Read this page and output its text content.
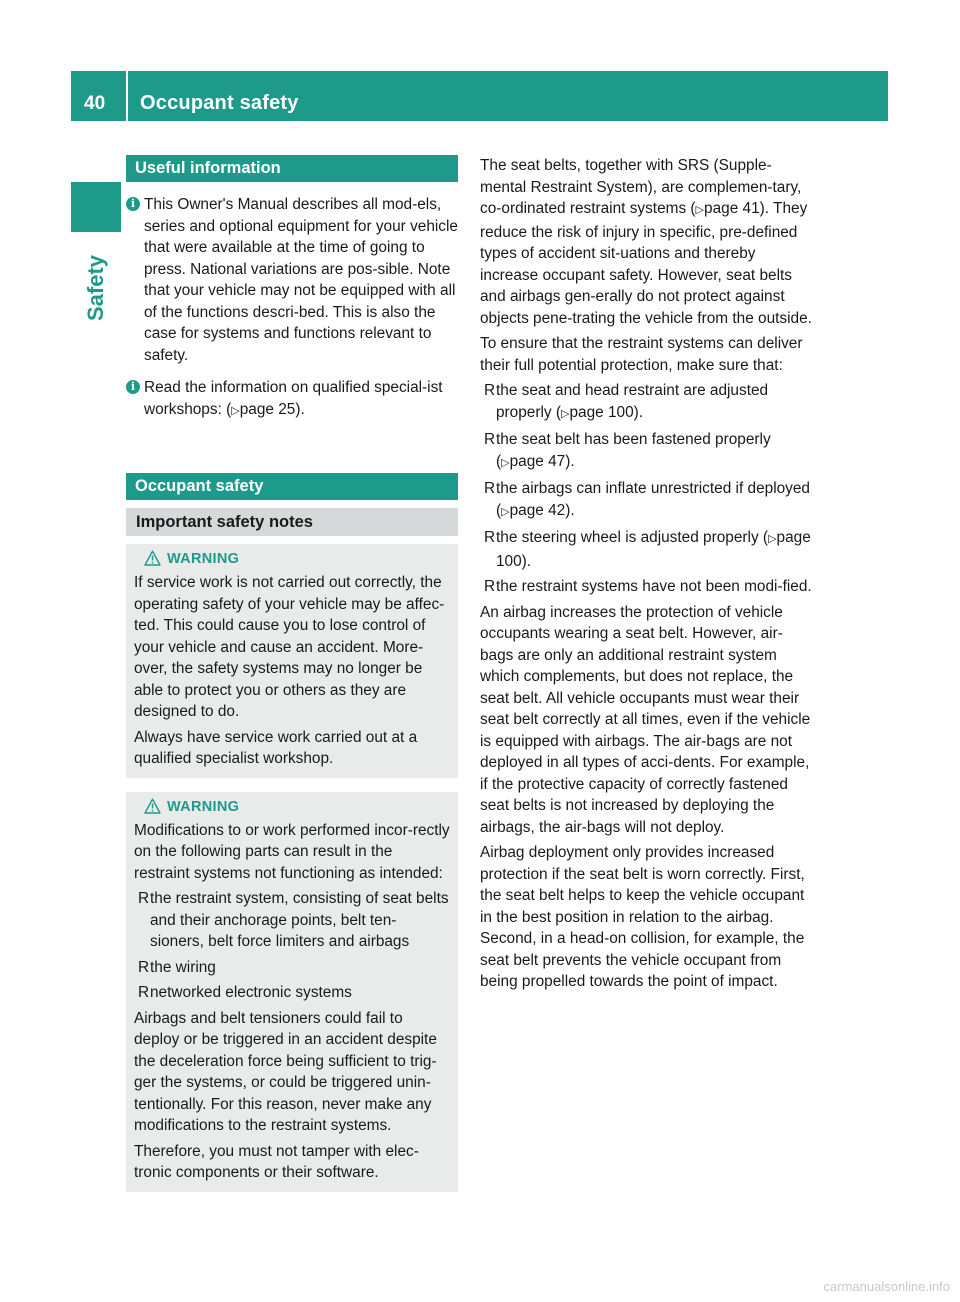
40 Occupant safety
Safety
Useful information
i This Owner's Manual describes all mod-els, series and optional equipment for your vehicle that were available at the time of going to press. National variations are pos-sible. Note that your vehicle may not be equipped with all of the functions descri-bed. This is also the case for systems and functions relevant to safety.
i Read the information on qualified special-ist workshops: (▷page 25).
Occupant safety
Important safety notes
WARNING
If service work is not carried out correctly, the operating safety of your vehicle may be affec-ted. This could cause you to lose control of your vehicle and cause an accident. More-over, the safety systems may no longer be able to protect you or others as they are designed to do.
Always have service work carried out at a qualified specialist workshop.
WARNING
Modifications to or work performed incor-rectly on the following parts can result in the restraint systems not functioning as intended:
R the restraint system, consisting of seat belts and their anchorage points, belt ten-sioners, belt force limiters and airbags
R the wiring
R networked electronic systems
Airbags and belt tensioners could fail to deploy or be triggered in an accident despite the deceleration force being sufficient to trig-ger the systems, or could be triggered unin-tentionally. For this reason, never make any modifications to the restraint systems.
Therefore, you must not tamper with elec-tronic components or their software.
The seat belts, together with SRS (Supple-mental Restraint System), are complemen-tary, co-ordinated restraint systems (▷page 41). They reduce the risk of injury in specific, pre-defined types of accident sit-uations and thereby increase occupant safety. However, seat belts and airbags gen-erally do not protect against objects pene-trating the vehicle from the outside.
To ensure that the restraint systems can deliver their full potential protection, make sure that:
R the seat and head restraint are adjusted properly (▷page 100).
R the seat belt has been fastened properly (▷page 47).
R the airbags can inflate unrestricted if deployed (▷page 42).
R the steering wheel is adjusted properly (▷page 100).
R the restraint systems have not been modi-fied.
An airbag increases the protection of vehicle occupants wearing a seat belt. However, air-bags are only an additional restraint system which complements, but does not replace, the seat belt. All vehicle occupants must wear their seat belt correctly at all times, even if the vehicle is equipped with airbags. The air-bags are not deployed in all types of acci-dents. For example, if the protective capacity of correctly fastened seat belts is not increased by deploying the airbags, the air-bags will not deploy.
Airbag deployment only provides increased protection if the seat belt is worn correctly. First, the seat belt helps to keep the vehicle occupant in the best position in relation to the airbag. Second, in a head-on collision, for example, the seat belt prevents the vehicle occupant from being propelled towards the point of impact.
carmanualsonline.info
